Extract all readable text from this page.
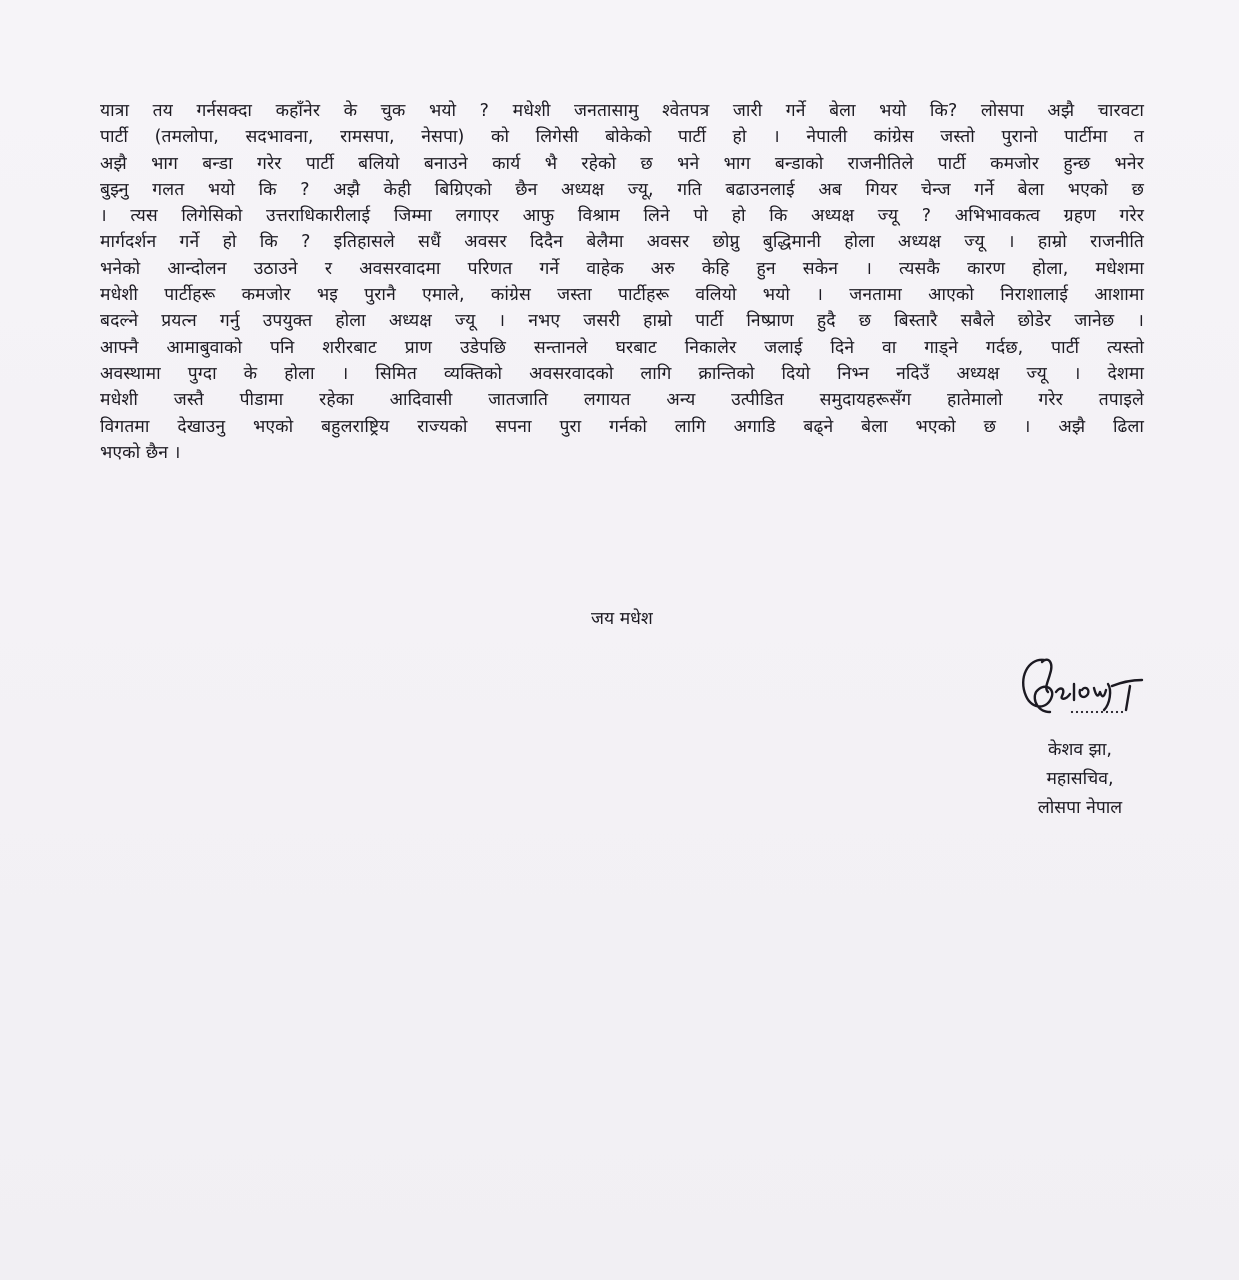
यात्रा तय गर्नसक्दा कहाँनेर के चुक भयो ? मधेशी जनतासामु श्वेतपत्र जारी गर्ने बेला भयो कि? लोसपा अझै चारवटा
पार्टी (तमलोपा, सदभावना, रामसपा, नेसपा) को लिगेसी बोकेको पार्टी हो । नेपाली कांग्रेस जस्तो पुरानो पार्टीमा त
अझै भाग बन्डा गरेर पार्टी बलियो बनाउने कार्य भै रहेको छ भने भाग बन्डाको राजनीतिले पार्टी कमजोर हुन्छ भनेर
बुझ्नु गलत भयो कि ? अझै केही बिग्रिएको छैन अध्यक्ष ज्यू, गति बढाउनलाई अब गियर चेन्ज गर्ने बेला भएको छ
। त्यस लिगेसिको उत्तराधिकारीलाई जिम्मा लगाएर आफु विश्राम लिने पो हो कि अध्यक्ष ज्यू ? अभिभावकत्व ग्रहण गरेर
मार्गदर्शन गर्ने हो कि ? इतिहासले सधैं अवसर दिदैन बेलैमा अवसर छोप्नु बुद्धिमानी होला अध्यक्ष ज्यू । हाम्रो राजनीति
भनेको आन्दोलन उठाउने र अवसरवादमा परिणत गर्ने वाहेक अरु केहि हुन सकेन । त्यसकै कारण होला, मधेशमा
मधेशी पार्टीहरू कमजोर भइ पुरानै एमाले, कांग्रेस जस्ता पार्टीहरू वलियो भयो । जनतामा आएको निराशालाई आशामा
बदल्ने प्रयत्न गर्नु उपयुक्त होला अध्यक्ष ज्यू । नभए जसरी हाम्रो पार्टी निष्प्राण हुदै छ बिस्तारै सबैले छोडेर जानेछ ।
आफ्नै आमाबुवाको पनि शरीरबाट प्राण उडेपछि सन्तानले घरबाट निकालेर जलाई दिने वा गाड्ने गर्दछ, पार्टी त्यस्तो
अवस्थामा पुग्दा के होला । सिमित व्यक्तिको अवसरवादको लागि क्रान्तिको दियो निभ्न नदिउँ अध्यक्ष ज्यू । देशमा
मधेशी जस्तै पीडामा रहेका आदिवासी जातजाति लगायत अन्य उत्पीडित समुदायहरूसँग हातेमालो गरेर तपाइले
विगतमा देखाउनु भएको बहुलराष्ट्रिय राज्यको सपना पुरा गर्नको लागि अगाडि बढ्ने बेला भएको छ । अझै ढिला
भएको छैन ।
जय मधेश
केशव झा,
महासचिव,
लोसपा नेपाल
